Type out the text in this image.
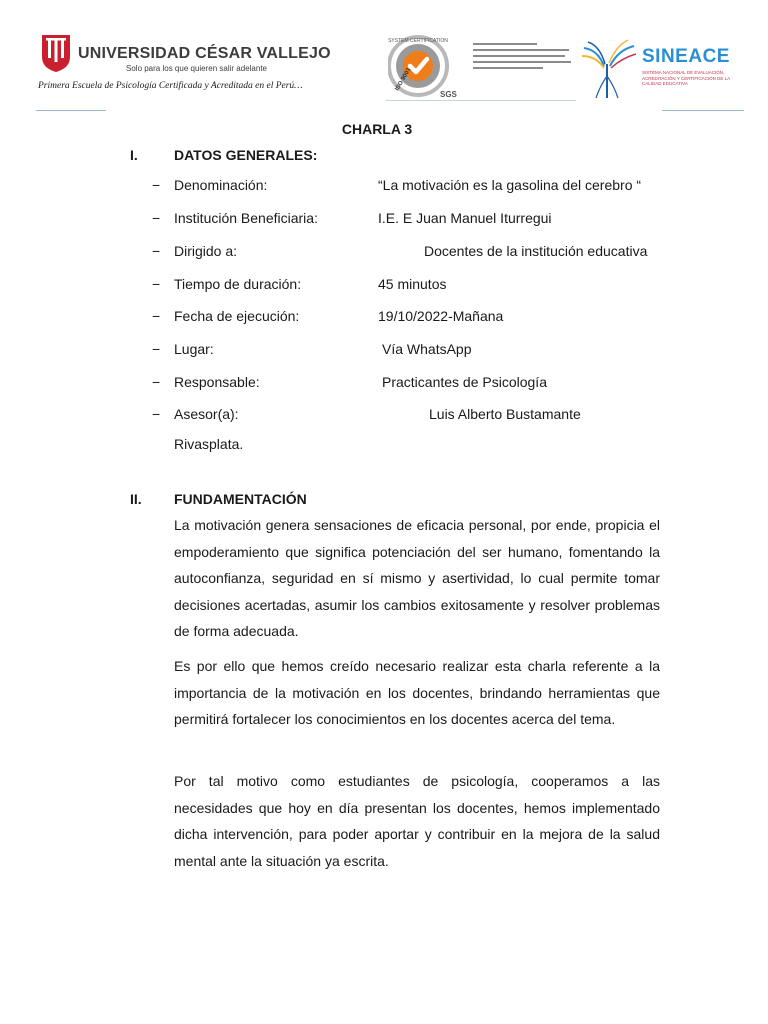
UNIVERSIDAD CÉSAR VALLEJO
Solo para los que quieren salir adelante
Primera Escuela de Psicología Certificada y Acreditada en el Perú…
SYSTEM CERTIFICATION
ISO 9001
SGS
SINEACE
SISTEMA NACIONAL DE EVALUACIÓN, ACREDITACIÓN Y CERTIFICACIÓN DE LA CALIDAD EDUCATIVA
CHARLA 3
I.	DATOS GENERALES:
− Denominación:	“La motivación es la gasolina del cerebro “
− Institución Beneficiaria:	I.E. E Juan Manuel Iturregui
− Dirigido a:	Docentes de la institución educativa
− Tiempo de duración:	45 minutos
− Fecha de ejecución:	19/10/2022-Mañana
− Lugar:	Vía WhatsApp
− Responsable:	Practicantes de Psicología
− Asesor(a):	Luis Alberto Bustamante
Rivasplata.
II. FUNDAMENTACIÓN
La motivación genera sensaciones de eficacia personal, por ende, propicia el empoderamiento que significa potenciación del ser humano, fomentando la autoconfianza, seguridad en sí mismo y asertividad, lo cual permite tomar decisiones acertadas, asumir los cambios exitosamente y resolver problemas de forma adecuada.
Es por ello que hemos creído necesario realizar esta charla referente a la importancia de la motivación en los docentes, brindando herramientas que permitirá fortalecer los conocimientos en los docentes acerca del tema.
Por tal motivo como estudiantes de psicología, cooperamos a las necesidades que hoy en día presentan los docentes, hemos implementado dicha intervención, para poder aportar y contribuir en la mejora de la salud mental ante la situación ya escrita.
